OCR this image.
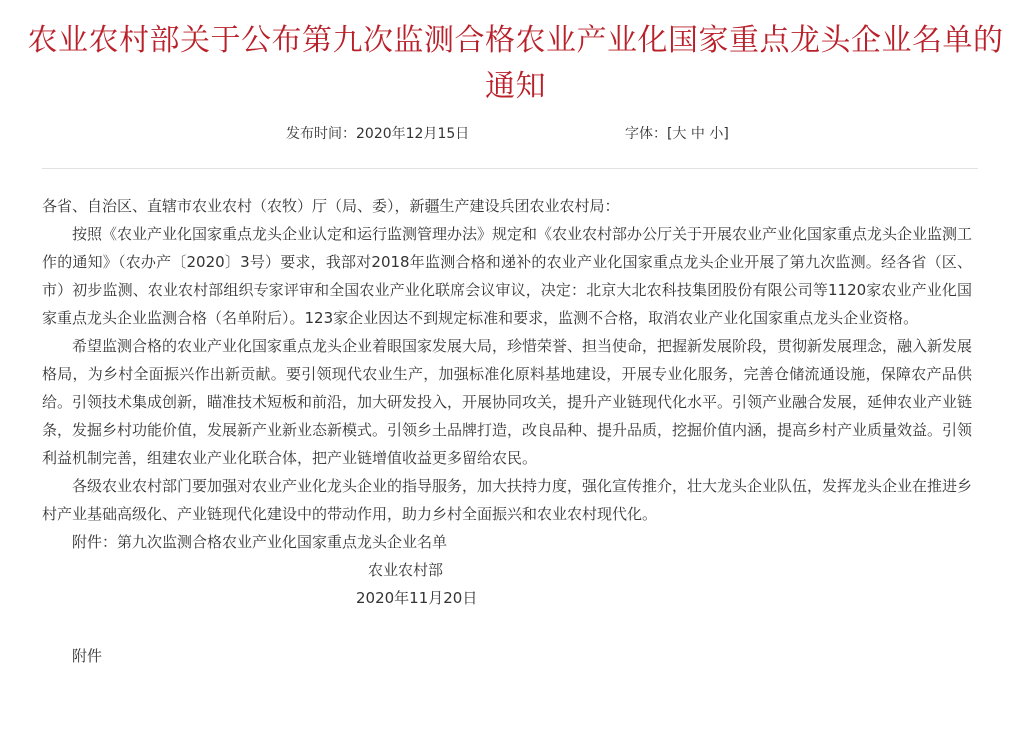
农业农村部关于公布第九次监测合格农业产业化国家重点龙头企业名单的通知
发布时间：2020年12月15日	字体：[大 中 小]

各省、自治区、直辖市农业农村（农牧）厅（局、委），新疆生产建设兵团农业农村局：

按照《农业产业化国家重点龙头企业认定和运行监测管理办法》规定和《农业农村部办公厅关于开展农业产业化国家重点龙头企业监测工作的通知》（农办产〔2020〕3号）要求，我部对2018年监测合格和递补的农业产业化国家重点龙头企业开展了第九次监测。经各省（区、市）初步监测、农业农村部组织专家评审和全国农业产业化联席会议审议，决定：北京大北农科技集团股份有限公司等1120家农业产业化国家重点龙头企业监测合格（名单附后）。123家企业因达不到规定标准和要求，监测不合格，取消农业产业化国家重点龙头企业资格。

希望监测合格的农业产业化国家重点龙头企业着眼国家发展大局，珍惜荣誉、担当使命，把握新发展阶段，贯彻新发展理念，融入新发展格局，为乡村全面振兴作出新贡献。要引领现代农业生产，加强标准化原料基地建设，开展专业化服务，完善仓储流通设施，保障农产品供给。引领技术集成创新，瞄准技术短板和前沿，加大研发投入，开展协同攻关，提升产业链现代化水平。引领产业融合发展，延伸农业产业链条，发掘乡村功能价值，发展新产业新业态新模式。引领乡土品牌打造，改良品种、提升品质，挖掘价值内涵，提高乡村产业质量效益。引领利益机制完善，组建农业产业化联合体，把产业链增值收益更多留给农民。

各级农业农村部门要加强对农业产业化龙头企业的指导服务，加大扶持力度，强化宣传推介，壮大龙头企业队伍，发挥龙头企业在推进乡村产业基础高级化、产业链现代化建设中的带动作用，助力乡村全面振兴和农业农村现代化。

附件：第九次监测合格农业产业化国家重点龙头企业名单

农业农村部

2020年11月20日

附件
